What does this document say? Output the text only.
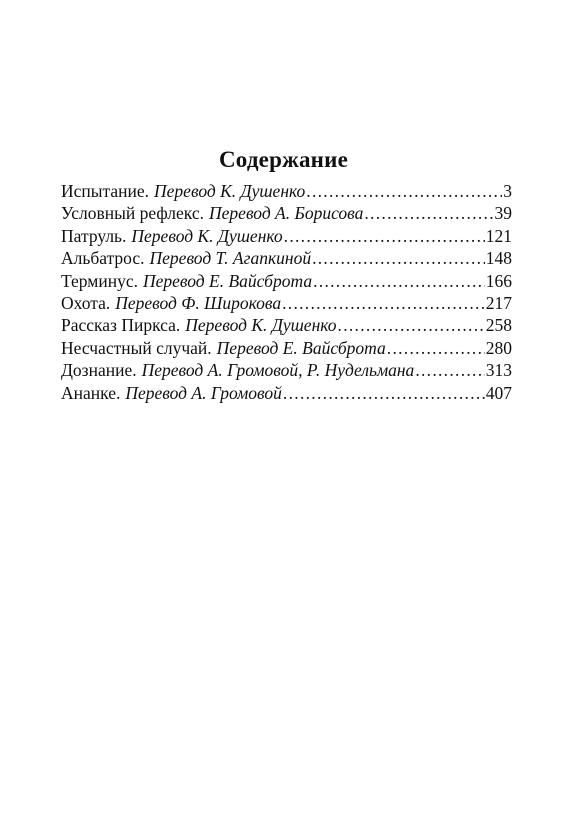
Содержание
Испытание. Перевод К. Душенко .....	3
Условный рефлекс. Перевод А. Борисова .....	39
Патруль. Перевод К. Душенко .....	121
Альбатрос. Перевод Т. Агапкиной .....	148
Терминус. Перевод Е. Вайсброта .....	166
Охота. Перевод Ф. Широкова .....	217
Рассказ Пиркса. Перевод К. Душенко .....	258
Несчастный случай. Перевод Е. Вайсброта .....	280
Дознание. Перевод А. Громовой, Р. Нудельмана .....	313
Ананке. Перевод А. Громовой .....	407
